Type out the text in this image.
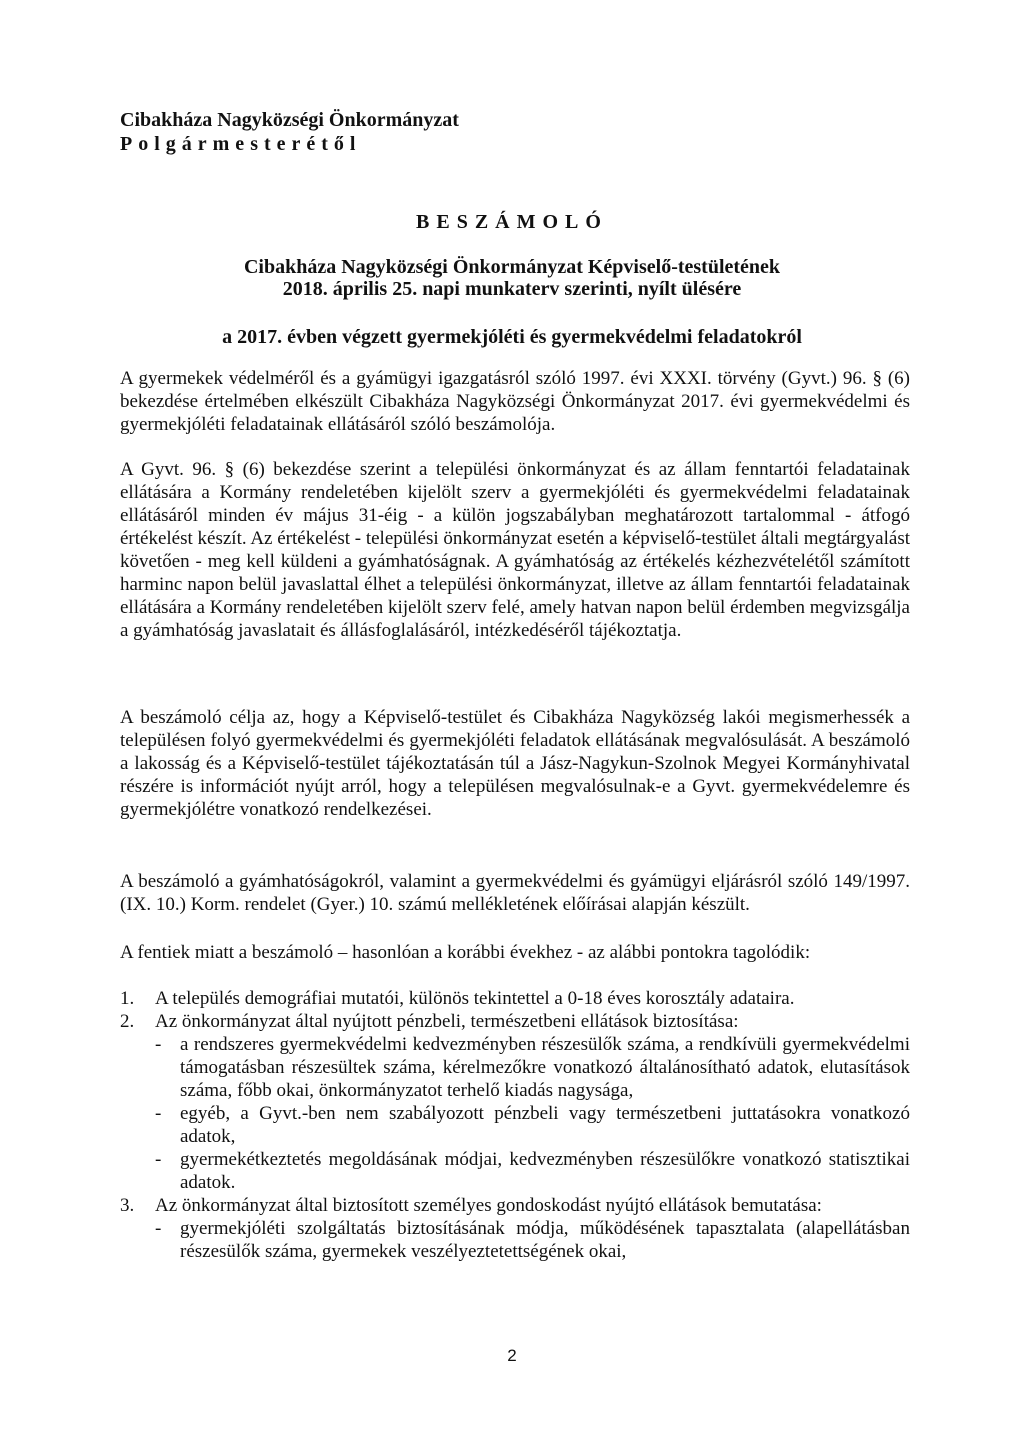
Cibakháza Nagyközségi Önkormányzat
Polgármesterétől
BESZÁMOLÓ
Cibakháza Nagyközségi Önkormányzat Képviselő-testületének
2018. április 25. napi munkaterv szerinti, nyílt ülésére
a 2017. évben végzett gyermekjóléti és gyermekvédelmi feladatokról

A gyermekek védelméről és a gyámügyi igazgatásról szóló 1997. évi XXXI. törvény (Gyvt.) 96. § (6) bekezdése értelmében elkészült Cibakháza Nagyközségi Önkormányzat 2017. évi gyermekvédelmi és gyermekjóléti feladatainak ellátásáról szóló beszámolója.

A Gyvt. 96. § (6) bekezdése szerint a települési önkormányzat és az állam fenntartói feladatainak ellátására a Kormány rendeletében kijelölt szerv a gyermekjóléti és gyermekvédelmi feladatainak ellátásáról minden év május 31-éig - a külön jogszabályban meghatározott tartalommal - átfogó értékelést készít. Az értékelést - települési önkormányzat esetén a képviselő-testület általi megtárgyalást követően - meg kell küldeni a gyámhatóságnak. A gyámhatóság az értékelés kézhezvételétől számított harminc napon belül javaslattal élhet a települési önkormányzat, illetve az állam fenntartói feladatainak ellátására a Kormány rendeletében kijelölt szerv felé, amely hatvan napon belül érdemben megvizsgálja a gyámhatóság javaslatait és állásfoglalásáról, intézkedéséről tájékoztatja.

A beszámoló célja az, hogy a Képviselő-testület és Cibakháza Nagyközség lakói megismerhessék a településen folyó gyermekvédelmi és gyermekjóléti feladatok ellátásának megvalósulását. A beszámoló a lakosság és a Képviselő-testület tájékoztatásán túl a Jász-Nagykun-Szolnok Megyei Kormányhivatal részére is információt nyújt arról, hogy a településen megvalósulnak-e a Gyvt. gyermekvédelemre és gyermekjólétre vonatkozó rendelkezései.

A beszámoló a gyámhatóságokról, valamint a gyermekvédelmi és gyámügyi eljárásról szóló 149/1997. (IX. 10.) Korm. rendelet (Gyer.) 10. számú mellékletének előírásai alapján készült.

A fentiek miatt a beszámoló – hasonlóan a korábbi évekhez - az alábbi pontokra tagolódik:

1.	A település demográfiai mutatói, különös tekintettel a 0-18 éves korosztály adataira.
2.	Az önkormányzat által nyújtott pénzbeli, természetbeni ellátások biztosítása:
- a rendszeres gyermekvédelmi kedvezményben részesülők száma, a rendkívüli gyermekvédelmi támogatásban részesültek száma, kérelmezőkre vonatkozó általánosítható adatok, elutasítások száma, főbb okai, önkormányzatot terhelő kiadás nagysága,
- egyéb, a Gyvt.-ben nem szabályozott pénzbeli vagy természetbeni juttatásokra vonatkozó adatok,
- gyermekétkeztetés megoldásának módjai, kedvezményben részesülőkre vonatkozó statisztikai adatok.
3.	Az önkormányzat által biztosított személyes gondoskodást nyújtó ellátások bemutatása:
- gyermekjóléti szolgáltatás biztosításának módja, működésének tapasztalata (alapellátásban részesülők száma, gyermekek veszélyeztetettségének okai,
2
